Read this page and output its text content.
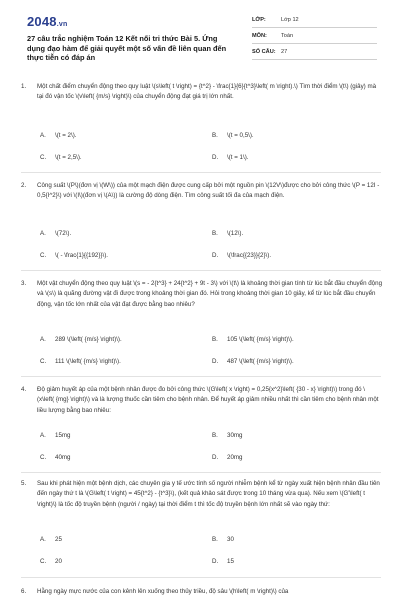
2048.vn
27 câu trắc nghiệm Toán 12 Kết nối tri thức Bài 5. Ứng dụng đạo hàm để giải quyết một số vấn đề liên quan đến thực tiễn có đáp án
LỚP:	Lớp 12
MÔN:	Toán
SỐ CÂU: 27
1. Một chất điểm chuyển động theo quy luật \(s\left( t \right) = {t^2} - \frac{1}{6}{t^3}\left( m \right).\) Tìm thời điểm \(t\) (giây) mà tại đó vận tốc \(v\left( {m/s} \right)\) của chuyển động đạt giá trị lớn nhất.
A.	\(t = 2\).	B.	\(t = 0,5\).
C.	\(t = 2,5\).	D.	\(t = 1\).
2. Công suất \(P\)(đơn vị \(W\)) của một mạch điện được cung cấp bởi một nguồn pin \(12V\)được cho bởi công thức \(P = 12I - 0,5{I^2}\) với \(I\)(đơn vị \(A\)) là cường độ dòng điện. Tìm công suất tối đa của mạch điện.
A.	\(72\).	B.	\(12\).
C.	\( - \frac{1}{{192}}\).	D.	\(\frac{{23}}{2}\).
3. Một vật chuyển động theo quy luật \(s = - 2{t^3} + 24{t^2} + 9t - 3\) với \(t\) là khoảng thời gian tính từ lúc bắt đầu chuyển động và \(s\) là quãng đường vật đi được trong khoảng thời gian đó. Hỏi trong khoảng thời gian 10 giây, kể từ lúc bắt đầu chuyển động, vận tốc lớn nhất của vật đạt được bằng bao nhiêu?
A.	289 \(\left( {m/s} \right)\).	B.	105 \(\left( {m/s} \right)\).
C.	111 \(\left( {m/s} \right)\).	D.	487 \(\left( {m/s} \right)\).
4. Độ giảm huyết áp của một bệnh nhân được đo bởi công thức \(G\left( x \right) = 0,25{x^2}\left( {30 - x} \right)\) trong đó \(x\left( {mg} \right)\) và là lượng thuốc cần tiêm cho bệnh nhân. Để huyết áp giảm nhiều nhất thì cần tiêm cho bệnh nhân một liều lượng bằng bao nhiêu:
A.	15mg	B.	30mg
C.	40mg	D.	20mg
5. Sau khi phát hiện một bệnh dịch, các chuyên gia y tế ước tính số người nhiễm bệnh kể từ ngày xuất hiện bệnh nhân đầu tiên đến ngày thứ t là \(G\left( t \right) = 45{t^2} - {t^3}\), (kết quả khảo sát được trong 10 tháng vừa qua). Nếu xem \(G'\left( t \right)\) là tốc độ truyền bệnh (người / ngày) tại thời điểm t thì tốc độ truyền bệnh lớn nhất sẽ vào ngày thứ:
A.	25	B.	30
C.	20	D.	15
6. Hằng ngày mực nước của con kênh lên xuống theo thủy triều, độ sâu \(h\left( m \right)\) của
